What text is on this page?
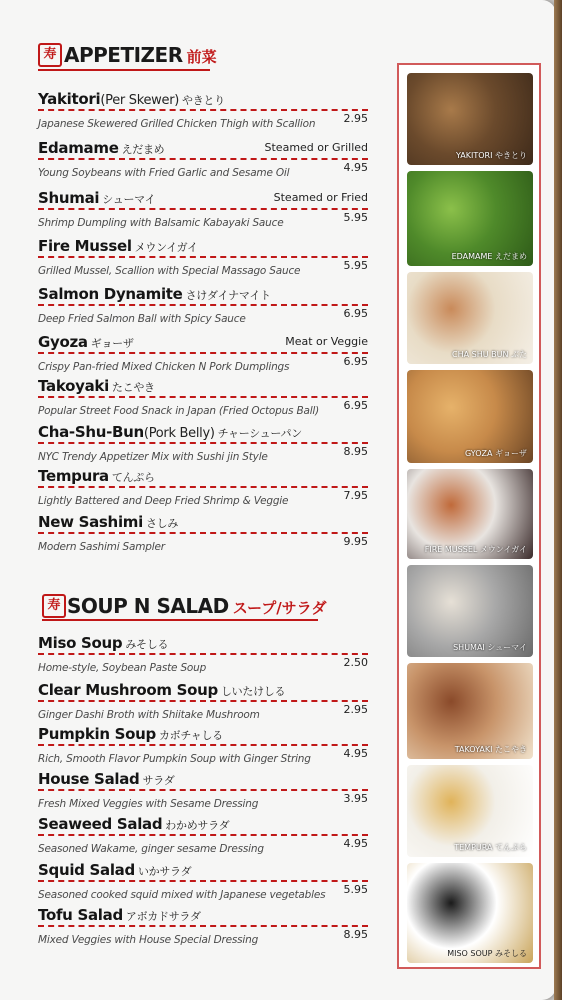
寿 APPETIZER 前菜
Yakitori(Per Skewer) やきとり
Japanese Skewered Grilled Chicken Thigh with Scallion	2.95
Edamame えだまめ	Steamed or Grilled
Young Soybeans with Fried Garlic and Sesame Oil	4.95
Shumai シューマイ	Steamed or Fried
Shrimp Dumpling with Balsamic Kabayaki Sauce	5.95
Fire Mussel メウンイガイ
Grilled Mussel, Scallion with Special Massago Sauce	5.95
Salmon Dynamite さけダイナマイト
Deep Fried Salmon Ball with Spicy Sauce	6.95
Gyoza ギョーザ	Meat or Veggie
Crispy Pan-fried Mixed Chicken N Pork Dumplings	6.95
Takoyaki たこやき
Popular Street Food Snack in Japan (Fried Octopus Ball) 6.95
Cha-Shu-Bun(Pork Belly) チャーシューパン
NYC Trendy Appetizer Mix with Sushi jin Style	8.95
Tempura てんぷら
Lightly Battered and Deep Fried Shrimp & Veggie	7.95
New Sashimi さしみ
Modern Sashimi Sampler	9.95
寿 SOUP N SALAD スープ/サラダ
Miso Soup みそしる
Home-style, Soybean Paste Soup	2.50
Clear Mushroom Soup しいたけしる
Ginger Dashi Broth with Shiitake Mushroom	2.95
Pumpkin Soup カボチャしる
Rich, Smooth Flavor Pumpkin Soup with Ginger String	4.95
House Salad サラダ
Fresh Mixed Veggies with Sesame Dressing	3.95
Seaweed Salad わかめサラダ
Seasoned Wakame, ginger sesame Dressing	4.95
Squid Salad いかサラダ
Seasoned cooked squid mixed with Japanese vegetables 5.95
Tofu Salad アボカドサラダ
Mixed Veggies with House Special Dressing	8.95
YAKITORI やきとり
EDAMAME えだまめ
CHA SHU BUN ぶた
GYOZA ギョーザ
FIRE MUSSEL メウンイガイ
SHUMAI シューマイ
TAKOYAKI たこやき
TEMPURA てんぷら
MISO SOUP みそしる
